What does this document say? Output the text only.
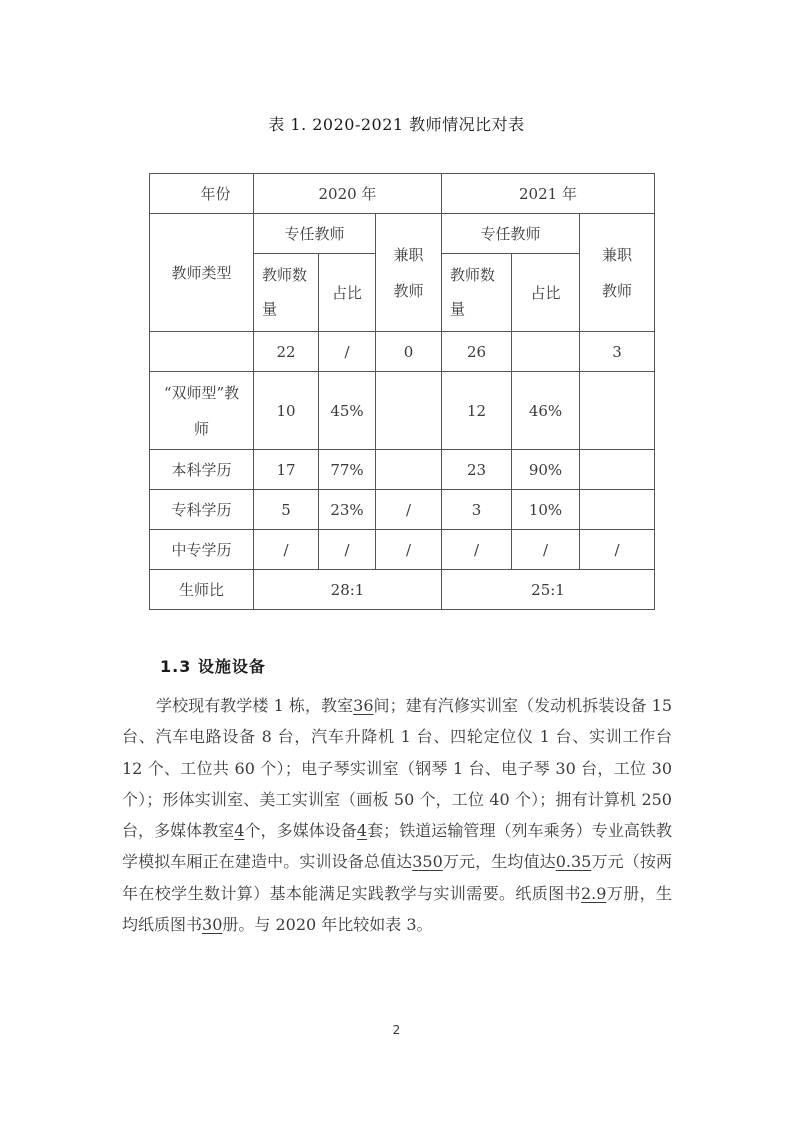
表 1. 2020-2021 教师情况比对表
年份	2020 年			2021 年		
教师类型	专任教师		兼职教师	专任教师		兼职教师
	教师数量	占比		教师数量	占比	
	22	/	0	26		3
“双师型”教师	10	45%		12	46%	
本科学历	17	77%		23	90%	
专科学历	5	23%	/	3	10%	
中专学历	/	/	/	/	/	/
生师比	28:1			25:1		
1.3 设施设备
学校现有教学楼 1 栋，教室36间；建有汽修实训室（发动机拆装设备 15 台、汽车电路设备 8 台，汽车升降机 1 台、四轮定位仪 1 台、实训工作台 12 个、工位共 60 个）；电子琴实训室（钢琴 1 台、电子琴 30 台，工位 30 个）；形体实训室、美工实训室（画板 50 个，工位 40 个）；拥有计算机 250 台，多媒体教室4个，多媒体设备4套；铁道运输管理（列车乘务）专业高铁教学模拟车厢正在建造中。实训设备总值达350万元，生均值达0.35万元（按两年在校学生数计算）基本能满足实践教学与实训需要。纸质图书2.9万册，生均纸质图书30册。与 2020 年比较如表 3。
2
